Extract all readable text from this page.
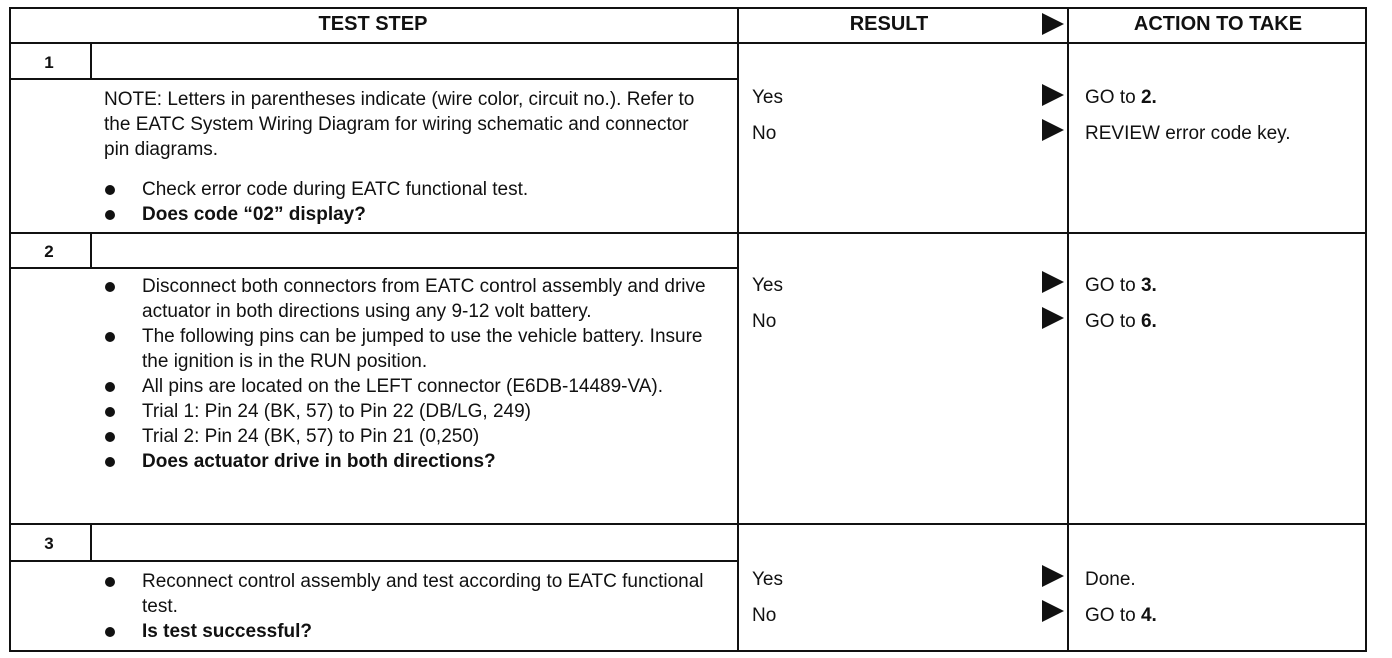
TEST STEP	RESULT	ACTION TO TAKE
1
NOTE: Letters in parentheses indicate (wire color, circuit no.). Refer to the EATC System Wiring Diagram for wiring schematic and connector pin diagrams.
Check error code during EATC functional test.
Does code “02” display?
Yes	GO to 2.
No	REVIEW error code key.
2
Disconnect both connectors from EATC control assembly and drive actuator in both directions using any 9-12 volt battery.
The following pins can be jumped to use the vehicle battery. Insure the ignition is in the RUN position.
All pins are located on the LEFT connector (E6DB-14489-VA).
Trial 1: Pin 24 (BK, 57) to Pin 22 (DB/LG, 249)
Trial 2: Pin 24 (BK, 57) to Pin 21 (0,250)
Does actuator drive in both directions?
Yes	GO to 3.
No	GO to 6.
3
Reconnect control assembly and test according to EATC functional test.
Is test successful?
Yes	Done.
No	GO to 4.
